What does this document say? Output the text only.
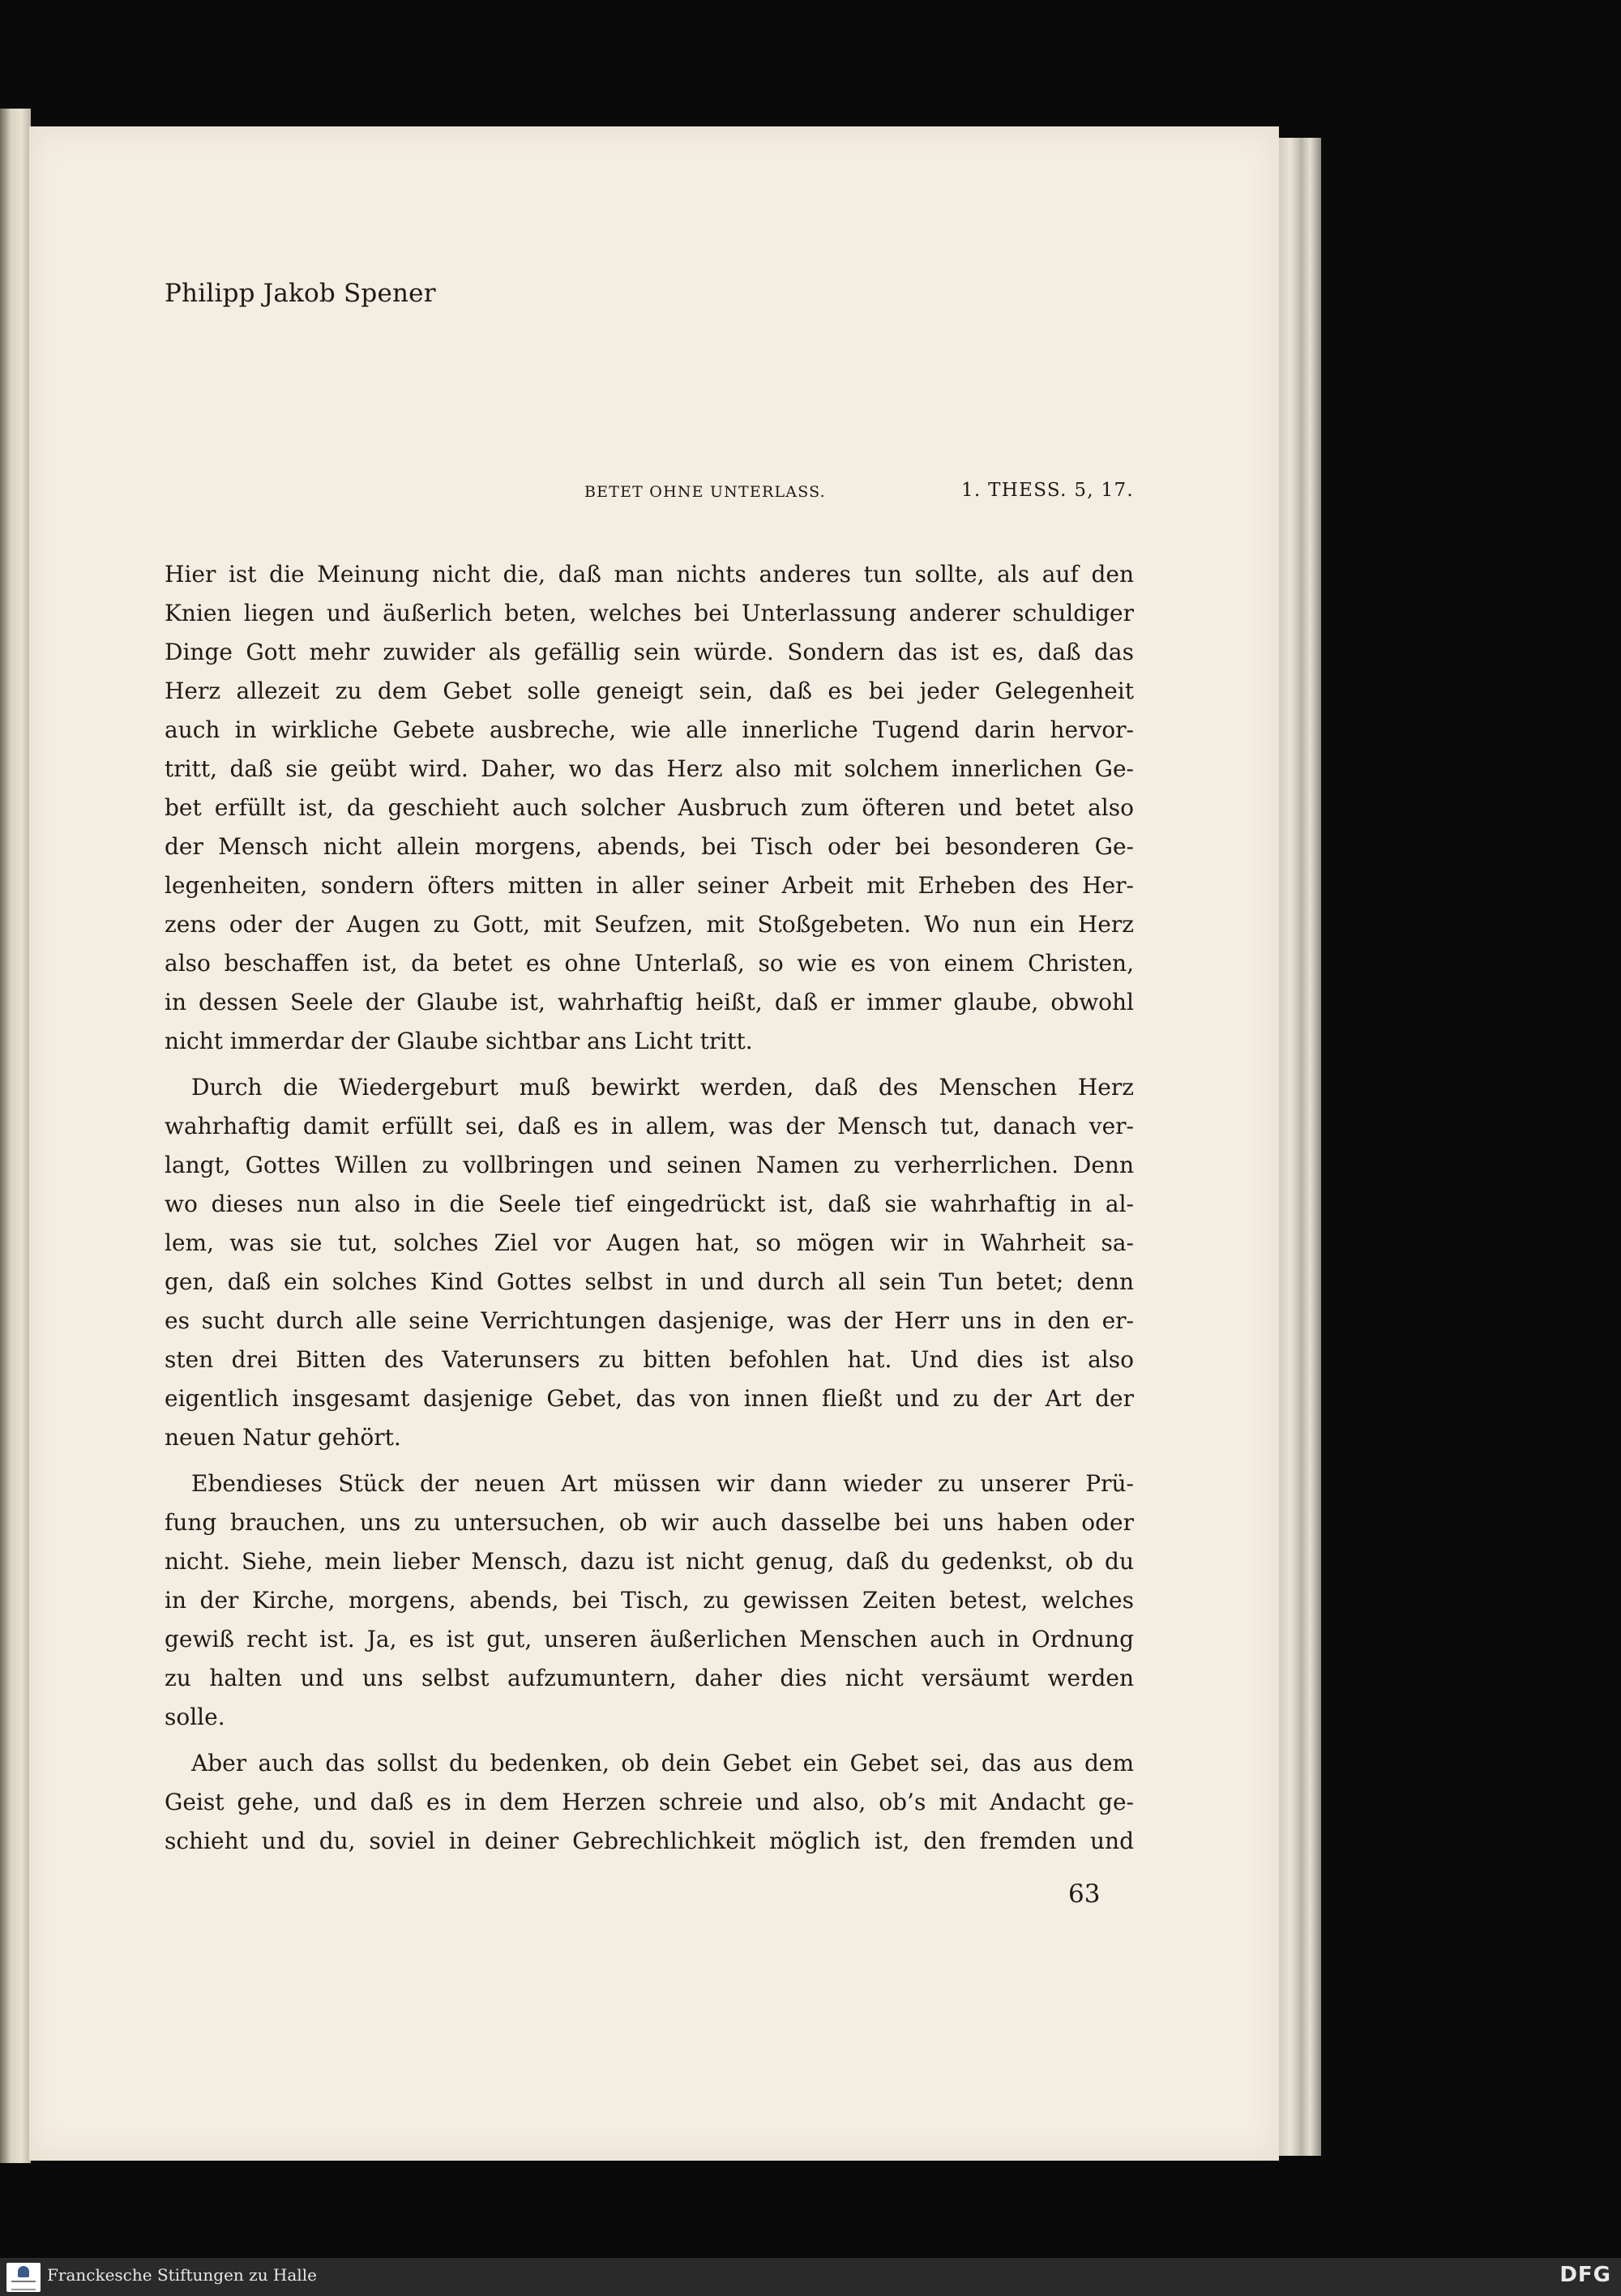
Philipp Jakob Spener
BETET OHNE UNTERLASS.	1. THESS. 5, 17.
Hier ist die Meinung nicht die, daß man nichts anderes tun sollte, als auf den
Knien liegen und äußerlich beten, welches bei Unterlassung anderer schuldiger
Dinge Gott mehr zuwider als gefällig sein würde. Sondern das ist es, daß das
Herz allezeit zu dem Gebet solle geneigt sein, daß es bei jeder Gelegenheit
auch in wirkliche Gebete ausbreche, wie alle innerliche Tugend darin hervor-
tritt, daß sie geübt wird. Daher, wo das Herz also mit solchem innerlichen Ge-
bet erfüllt ist, da geschieht auch solcher Ausbruch zum öfteren und betet also
der Mensch nicht allein morgens, abends, bei Tisch oder bei besonderen Ge-
legenheiten, sondern öfters mitten in aller seiner Arbeit mit Erheben des Her-
zens oder der Augen zu Gott, mit Seufzen, mit Stoßgebeten. Wo nun ein Herz
also beschaffen ist, da betet es ohne Unterlaß, so wie es von einem Christen,
in dessen Seele der Glaube ist, wahrhaftig heißt, daß er immer glaube, obwohl
nicht immerdar der Glaube sichtbar ans Licht tritt.
Durch die Wiedergeburt muß bewirkt werden, daß des Menschen Herz
wahrhaftig damit erfüllt sei, daß es in allem, was der Mensch tut, danach ver-
langt, Gottes Willen zu vollbringen und seinen Namen zu verherrlichen. Denn
wo dieses nun also in die Seele tief eingedrückt ist, daß sie wahrhaftig in al-
lem, was sie tut, solches Ziel vor Augen hat, so mögen wir in Wahrheit sa-
gen, daß ein solches Kind Gottes selbst in und durch all sein Tun betet; denn
es sucht durch alle seine Verrichtungen dasjenige, was der Herr uns in den er-
sten drei Bitten des Vaterunsers zu bitten befohlen hat. Und dies ist also
eigentlich insgesamt dasjenige Gebet, das von innen fließt und zu der Art der
neuen Natur gehört.
Ebendieses Stück der neuen Art müssen wir dann wieder zu unserer Prü-
fung brauchen, uns zu untersuchen, ob wir auch dasselbe bei uns haben oder
nicht. Siehe, mein lieber Mensch, dazu ist nicht genug, daß du gedenkst, ob du
in der Kirche, morgens, abends, bei Tisch, zu gewissen Zeiten betest, welches
gewiß recht ist. Ja, es ist gut, unseren äußerlichen Menschen auch in Ordnung
zu halten und uns selbst aufzumuntern, daher dies nicht versäumt werden
solle.
Aber auch das sollst du bedenken, ob dein Gebet ein Gebet sei, das aus dem
Geist gehe, und daß es in dem Herzen schreie und also, ob’s mit Andacht ge-
schieht und du, soviel in deiner Gebrechlichkeit möglich ist, den fremden und
63
Franckesche Stiftungen zu Halle	DFG
